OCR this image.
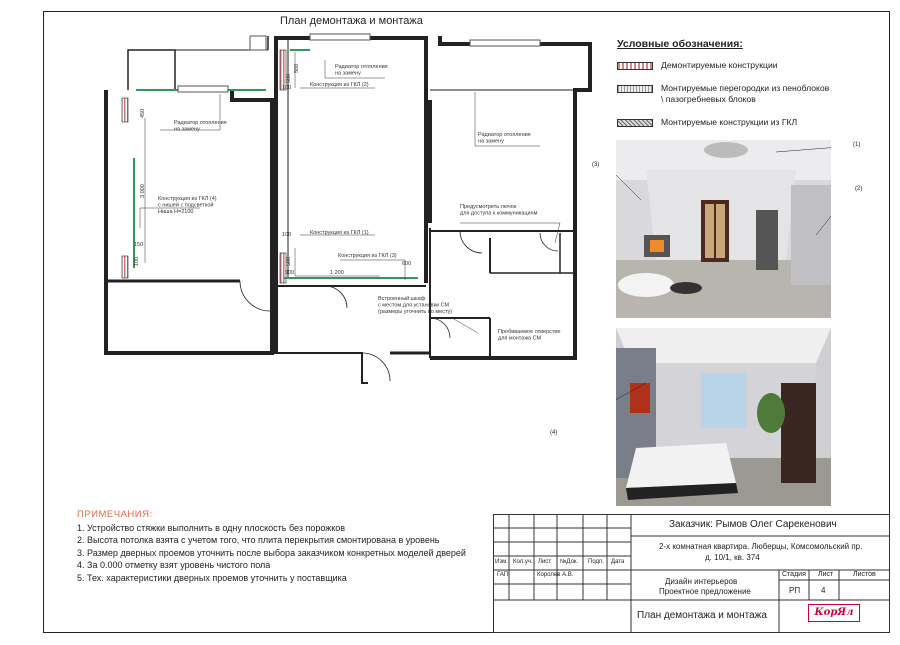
План демонтажа и монтажа
Радиатор отопления на замену
Конструкция из ГКЛ (2)
Радиатор отопления на замену
Радиатор отопления на замену
Конструкция из ГКЛ (4) с нишей с подсветкой Ниша Н=2100
Предусмотреть лючок для доступа к коммуникациям
Конструкция из ГКЛ (1)
Конструкция из ГКЛ (3)
Встроенный шкаф с местом для установки СМ (размеры уточнить по месту)
Пробиваемое отверстие для монтажа СМ
600
500
100
450
3 000
150
100
100
500
900	1 200
600
Условные обозначения:
Демонтируемые конструкции
Монтируемые перегородки из пеноблоков
\ пазогребневых блоков
Монтируемые конструкции из ГКЛ
(1)
(2)
(3)
(4)
ПРИМЕЧАНИЯ:
1. Устройство стяжки выполнить в одну плоскость без порожков
2. Высота потолка взята с учетом того, что плита перекрытия смонтирована в уровень
3. Размер дверных проемов уточнить после выбора заказчиком конкретных моделей дверей
4. За 0.000 отметку взят уровень чистого пола
5. Тех. характеристики дверных проемов уточнить у поставщика
Заказчик: Рымов Олег Сарекенович
2-х комнатная квартира. Люберцы, Комсомольский пр.
д. 10/1, кв. 374
Изм. Кол.уч. Лист №Док. Подп. Дата
ГАП	Королев А.В.
Дизайн интерьеров
Проектное предложение
Стадия Лист	Листов
РП	4
План демонтажа и монтажа	КорЯл
